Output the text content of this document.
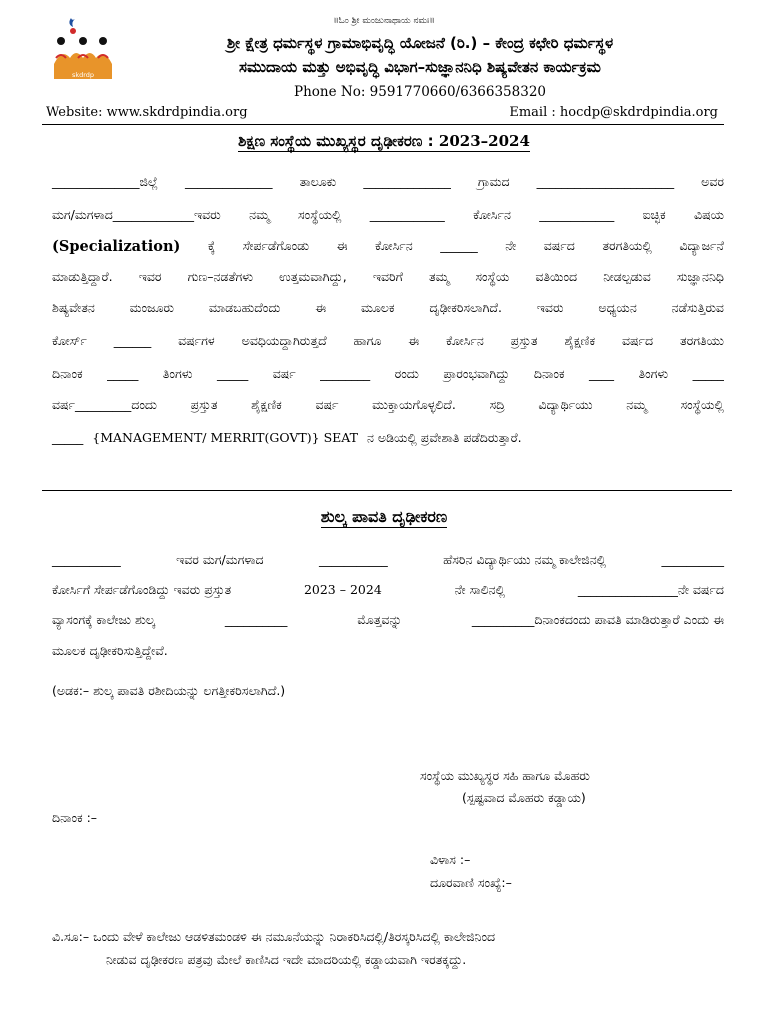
skdrdp
॥ಓಂ ಶ್ರೀ ಮಂಜುನಾಥಾಯ ನಮಃ॥
ಶ್ರೀ ಕ್ಷೇತ್ರ ಧರ್ಮಸ್ಥಳ ಗ್ರಾಮಾಭಿವೃದ್ಧಿ ಯೋಜನೆ (ರಿ.) – ಕೇಂದ್ರ ಕಛೇರಿ ಧರ್ಮಸ್ಥಳ
ಸಮುದಾಯ ಮತ್ತು ಅಭಿವೃದ್ಧಿ ವಿಭಾಗ–ಸುಜ್ಞಾನನಿಧಿ ಶಿಷ್ಯವೇತನ ಕಾರ್ಯಕ್ರಮ
Phone No: 9591770660/6366358320
Website: www.skdrdpindia.org	Email : hocdp@skdrdpindia.org
ಶಿಕ್ಷಣ ಸಂಸ್ಥೆಯ ಮುಖ್ಯಸ್ಥರ ದೃಢೀಕರಣ : 2023–2024
______________ಜಿಲ್ಲೆ ______________ ತಾಲೂಕು ______________ ಗ್ರಾಮದ ______________________ ಅವರ
ಮಗ/ಮಗಳಾದ_____________ಇವರು ನಮ್ಮ ಸಂಸ್ಥೆಯಲ್ಲಿ ____________ ಕೋರ್ಸಿನ ____________ ಐಚ್ಛಿಕ ವಿಷಯ
(Specialization) ಕ್ಕೆ ಸೇರ್ಪಡೆಗೊಂಡು ಈ ಕೋರ್ಸಿನ ______ ನೇ ವರ್ಷದ ತರಗತಿಯಲ್ಲಿ ವಿದ್ಯಾರ್ಜನೆ
ಮಾಡುತ್ತಿದ್ದಾರೆ. ಇವರ ಗುಣ–ನಡತೆಗಳು ಉತ್ತಮವಾಗಿದ್ದು, ಇವರಿಗೆ ತಮ್ಮ ಸಂಸ್ಥೆಯ ವತಿಯಿಂದ ನೀಡಲ್ಪಡುವ ಸುಜ್ಞಾನನಿಧಿ
ಶಿಷ್ಯವೇತನ	ಮಂಜೂರು	ಮಾಡಬಹುದೆಂದು	ಈ	ಮೂಲಕ	ದೃಢೀಕರಿಸಲಾಗಿದೆ.	ಇವರು	ಅಧ್ಯಯನ	ನಡೆಸುತ್ತಿರುವ
ಕೋರ್ಸ್ ______ ವರ್ಷಗಳ ಅವಧಿಯದ್ದಾಗಿರುತ್ತದೆ ಹಾಗೂ ಈ ಕೋರ್ಸಿನ ಪ್ರಸ್ತುತ ಶೈಕ್ಷಣಿಕ ವರ್ಷದ ತರಗತಿಯು
ದಿನಾಂಕ _____ ತಿಂಗಳು _____ ವರ್ಷ ________ ರಂದು ಪ್ರಾರಂಭವಾಗಿದ್ದು ದಿನಾಂಕ ____ ತಿಂಗಳು _____
ವರ್ಷ_________ದಂದು	ಪ್ರಸ್ತುತ	ಶೈಕ್ಷಣಿಕ	ವರ್ಷ	ಮುಕ್ತಾಯಗೊಳ್ಳಲಿದೆ.	ಸದ್ರಿ	ವಿದ್ಯಾರ್ಥಿಯು	ನಮ್ಮ	ಸಂಸ್ಥೆಯಲ್ಲಿ
_____ {MANAGEMENT/ MERRIT(GOVT)} SEAT ನ ಅಡಿಯಲ್ಲಿ ಪ್ರವೇಶಾತಿ ಪಡೆದಿರುತ್ತಾರೆ.
ಶುಲ್ಕ ಪಾವತಿ ದೃಢೀಕರಣ
___________	ಇವರ ಮಗ/ಮಗಳಾದ	___________	ಹೆಸರಿನ ವಿದ್ಯಾರ್ಥಿಯು ನಮ್ಮ ಕಾಲೇಜಿನಲ್ಲಿ	__________
ಕೋರ್ಸಿಗೆ ಸೇರ್ಪಡೆಗೊಂಡಿದ್ದು ಇವರು ಪ್ರಸ್ತುತ	2023 – 2024	ನೇ ಸಾಲಿನಲ್ಲಿ	________________ನೇ ವರ್ಷದ
ವ್ಯಾಸಂಗಕ್ಕೆ ಕಾಲೇಜು ಶುಲ್ಕ	__________	ಮೊತ್ತವನ್ನು	__________ದಿನಾಂಕದಂದು ಪಾವತಿ ಮಾಡಿರುತ್ತಾರೆ ಎಂದು ಈ
ಮೂಲಕ ದೃಢೀಕರಿಸುತ್ತಿದ್ದೇವೆ.
(ಅಡಕ:– ಶುಲ್ಕ ಪಾವತಿ ರಶೀದಿಯನ್ನು ಲಗತ್ತೀಕರಿಸಲಾಗಿದೆ.)
ಸಂಸ್ಥೆಯ ಮುಖ್ಯಸ್ಥರ ಸಹಿ ಹಾಗೂ ಮೊಹರು
(ಸ್ಪಷ್ಟವಾದ ಮೊಹರು ಕಡ್ಡಾಯ)
ದಿನಾಂಕ :–
ವಿಳಾಸ :–
ದೂರವಾಣಿ ಸಂಖ್ಯೆ:–
ವಿ.ಸೂ:– ಒಂದು ವೇಳೆ ಕಾಲೇಜು ಆಡಳಿತಮಂಡಳಿ ಈ ನಮೂನೆಯನ್ನು ನಿರಾಕರಿಸಿದಲ್ಲಿ/ತಿರಸ್ಕರಿಸಿದಲ್ಲಿ ಕಾಲೇಜಿನಿಂದ
ನೀಡುವ ದೃಢೀಕರಣ ಪತ್ರವು ಮೇಲೆ ಕಾಣಿಸಿದ ಇದೇ ಮಾದರಿಯಲ್ಲಿ ಕಡ್ಡಾಯವಾಗಿ ಇರತಕ್ಕದ್ದು.
